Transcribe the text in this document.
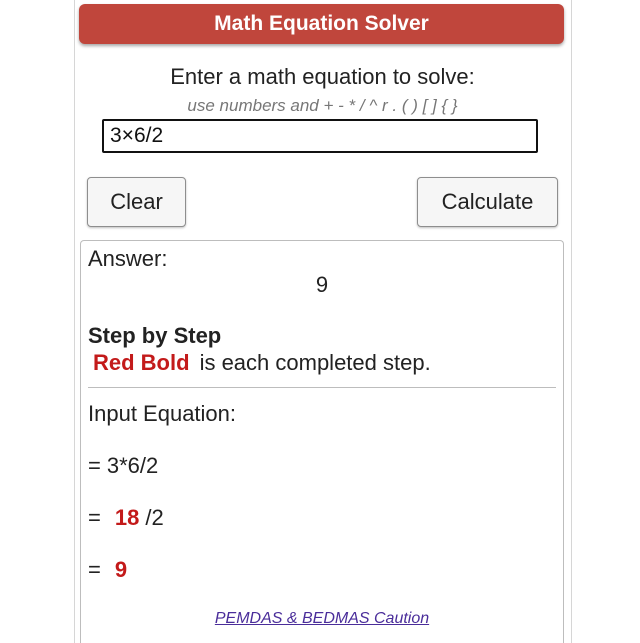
Math Equation Solver
Enter a math equation to solve:
use numbers and + - * / ^ r . ( ) [ ] { }
3×6/2
Clear	Calculate
Answer:
9
Step by Step
Red Bold is each completed step.
Input Equation:
= 3*6/2
= 18 /2
= 9
PEMDAS & BEDMAS Caution
